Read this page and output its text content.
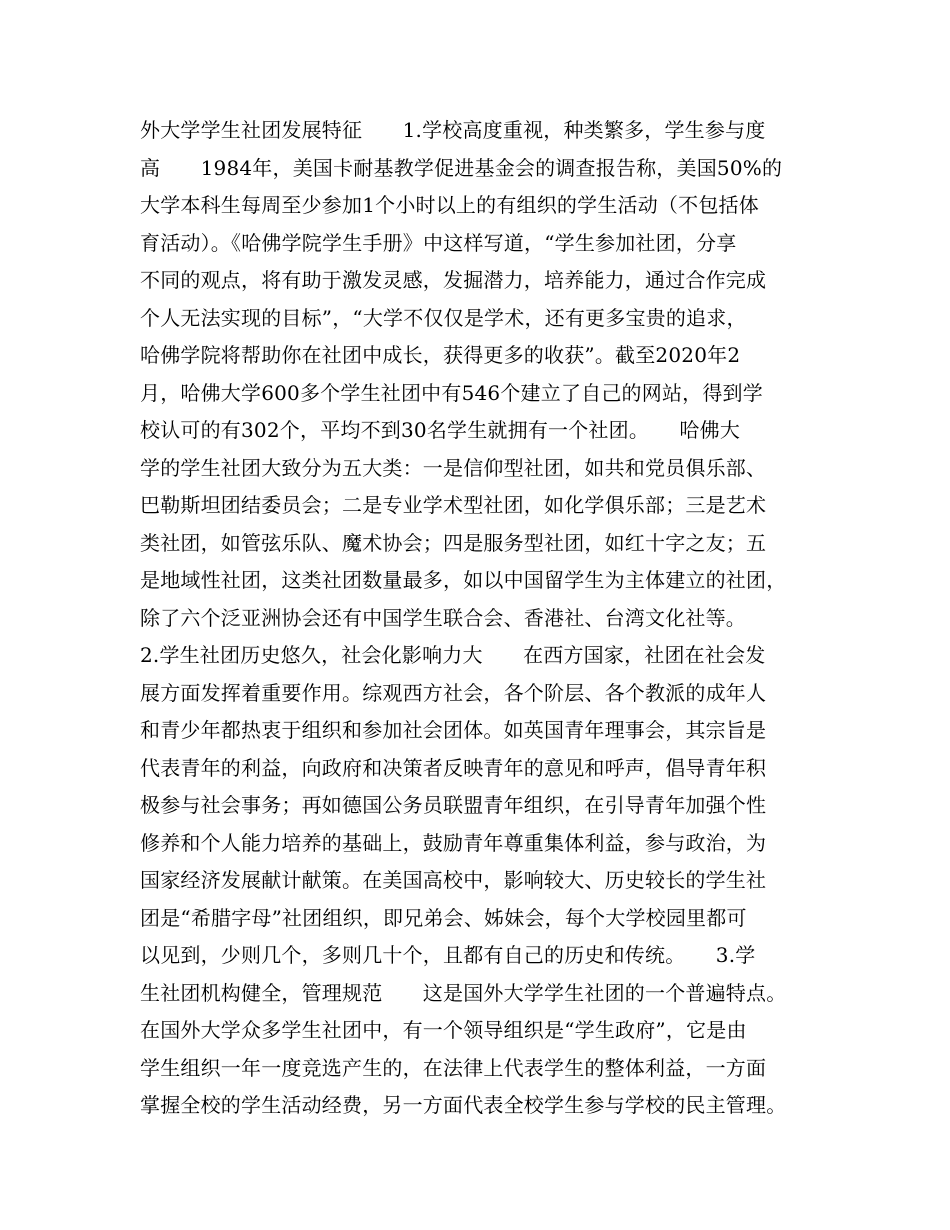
外大学学生社团发展特征　　1.学校高度重视，种类繁多，学生参与度
高　　1984年，美国卡耐基教学促进基金会的调查报告称，美国50%的
大学本科生每周至少参加1个小时以上的有组织的学生活动（不包括体
育活动）。《哈佛学院学生手册》中这样写道，“学生参加社团，分享
不同的观点，将有助于激发灵感，发掘潜力，培养能力，通过合作完成
个人无法实现的目标”，“大学不仅仅是学术，还有更多宝贵的追求，
哈佛学院将帮助你在社团中成长，获得更多的收获”。截至2020年2
月，哈佛大学600多个学生社团中有546个建立了自己的网站，得到学
校认可的有302个，平均不到30名学生就拥有一个社团。　　哈佛大
学的学生社团大致分为五大类：一是信仰型社团，如共和党员俱乐部、
巴勒斯坦团结委员会；二是专业学术型社团，如化学俱乐部；三是艺术
类社团，如管弦乐队、魔术协会；四是服务型社团，如红十字之友；五
是地域性社团，这类社团数量最多，如以中国留学生为主体建立的社团，
除了六个泛亚洲协会还有中国学生联合会、香港社、台湾文化社等。
2.学生社团历史悠久，社会化影响力大　　在西方国家，社团在社会发
展方面发挥着重要作用。综观西方社会，各个阶层、各个教派的成年人
和青少年都热衷于组织和参加社会团体。如英国青年理事会，其宗旨是
代表青年的利益，向政府和决策者反映青年的意见和呼声，倡导青年积
极参与社会事务；再如德国公务员联盟青年组织，在引导青年加强个性
修养和个人能力培养的基础上，鼓励青年尊重集体利益，参与政治，为
国家经济发展献计献策。在美国高校中，影响较大、历史较长的学生社
团是“希腊字母”社团组织，即兄弟会、姊妹会，每个大学校园里都可
以见到，少则几个，多则几十个，且都有自己的历史和传统。　　3.学
生社团机构健全，管理规范　　这是国外大学学生社团的一个普遍特点。
在国外大学众多学生社团中，有一个领导组织是“学生政府”，它是由
学生组织一年一度竞选产生的，在法律上代表学生的整体利益，一方面
掌握全校的学生活动经费，另一方面代表全校学生参与学校的民主管理。
